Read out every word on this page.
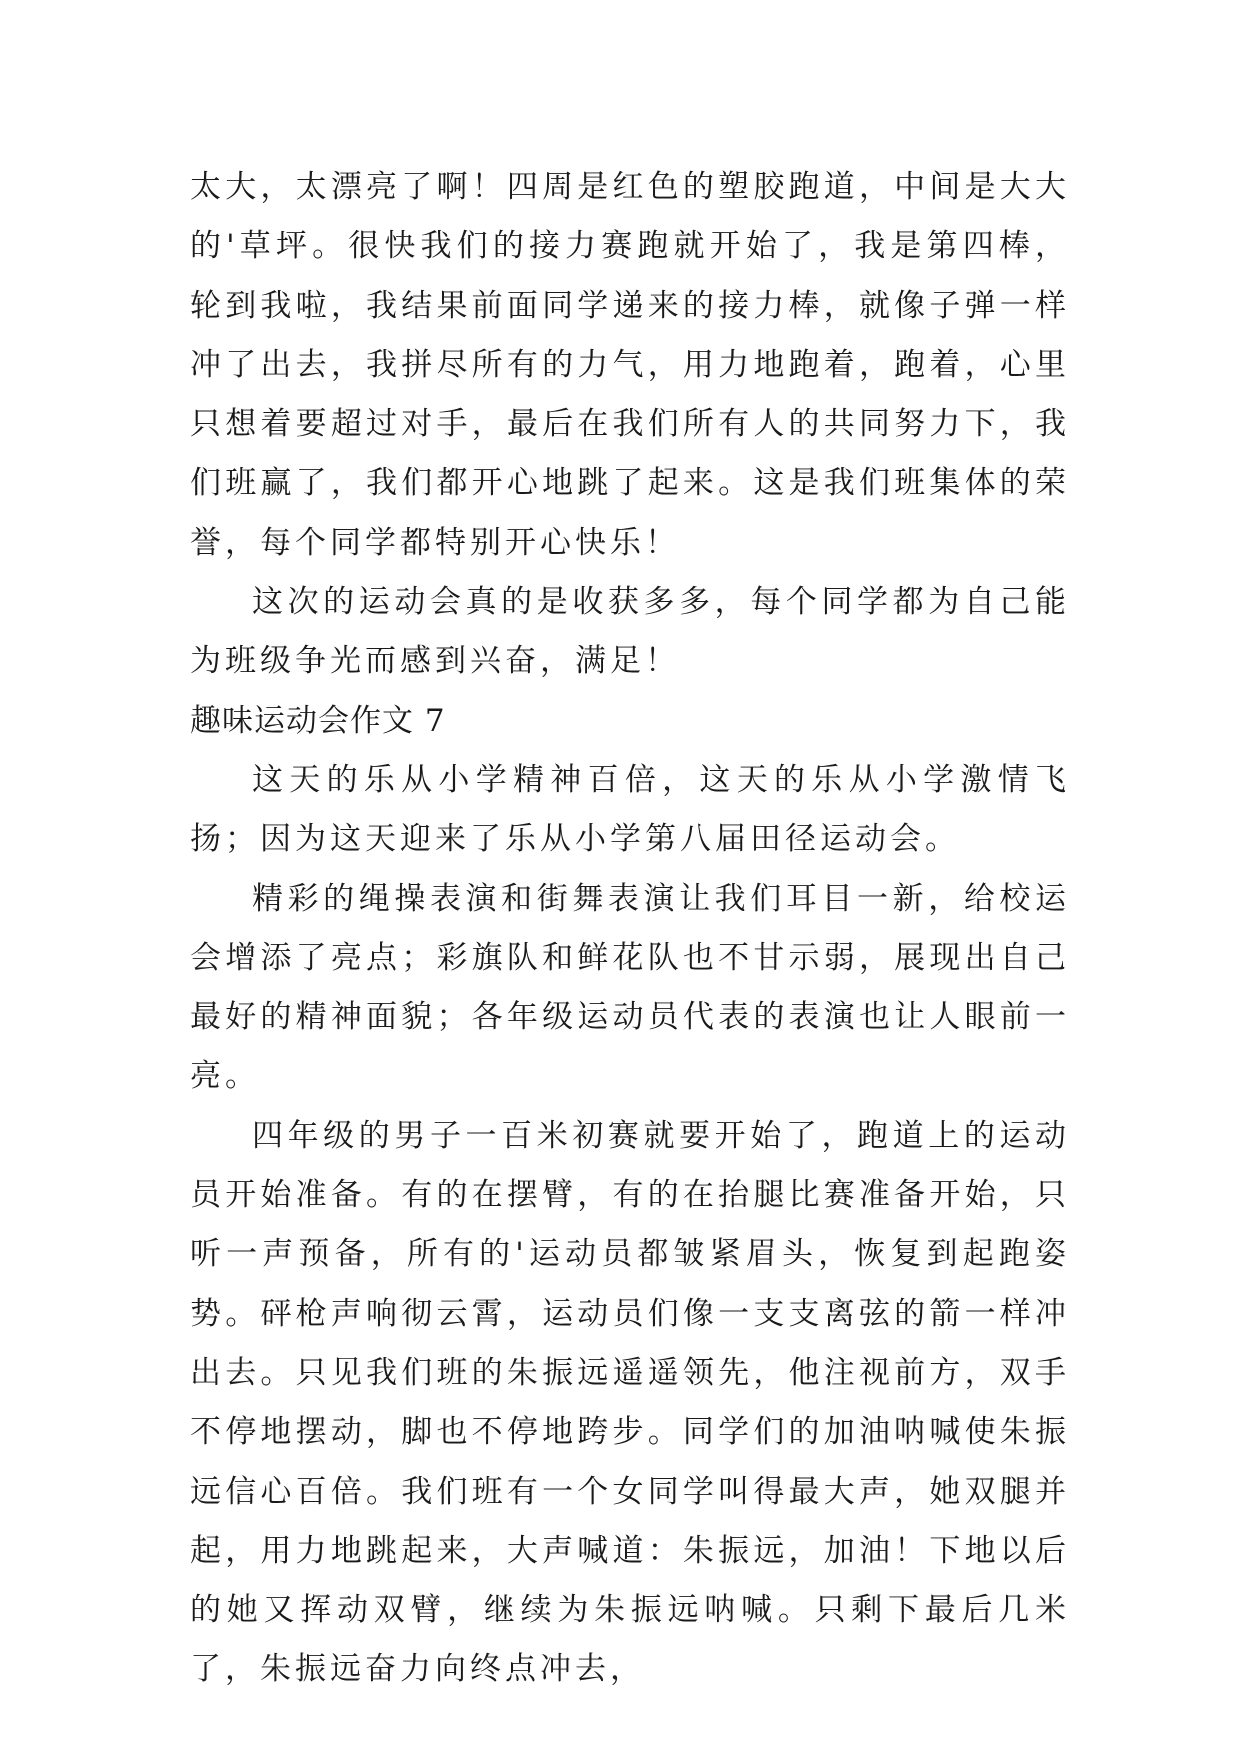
太大，太漂亮了啊！四周是红色的塑胶跑道，中间是大大的'草坪。很快我们的接力赛跑就开始了，我是第四棒，轮到我啦，我结果前面同学递来的接力棒，就像子弹一样冲了出去，我拼尽所有的力气，用力地跑着，跑着，心里只想着要超过对手，最后在我们所有人的共同努力下，我们班赢了，我们都开心地跳了起来。这是我们班集体的荣誉，每个同学都特别开心快乐！

这次的运动会真的是收获多多，每个同学都为自己能为班级争光而感到兴奋，满足！

趣味运动会作文 7

这天的乐从小学精神百倍，这天的乐从小学激情飞扬；因为这天迎来了乐从小学第八届田径运动会。

精彩的绳操表演和街舞表演让我们耳目一新，给校运会增添了亮点；彩旗队和鲜花队也不甘示弱，展现出自己最好的精神面貌；各年级运动员代表的表演也让人眼前一亮。

四年级的男子一百米初赛就要开始了，跑道上的运动员开始准备。有的在摆臂，有的在抬腿比赛准备开始，只听一声预备，所有的'运动员都皱紧眉头，恢复到起跑姿势。砰枪声响彻云霄，运动员们像一支支离弦的箭一样冲出去。只见我们班的朱振远遥遥领先，他注视前方，双手不停地摆动，脚也不停地跨步。同学们的加油呐喊使朱振远信心百倍。我们班有一个女同学叫得最大声，她双腿并起，用力地跳起来，大声喊道：朱振远，加油！下地以后的她又挥动双臂，继续为朱振远呐喊。只剩下最后几米了，朱振远奋力向终点冲去，
